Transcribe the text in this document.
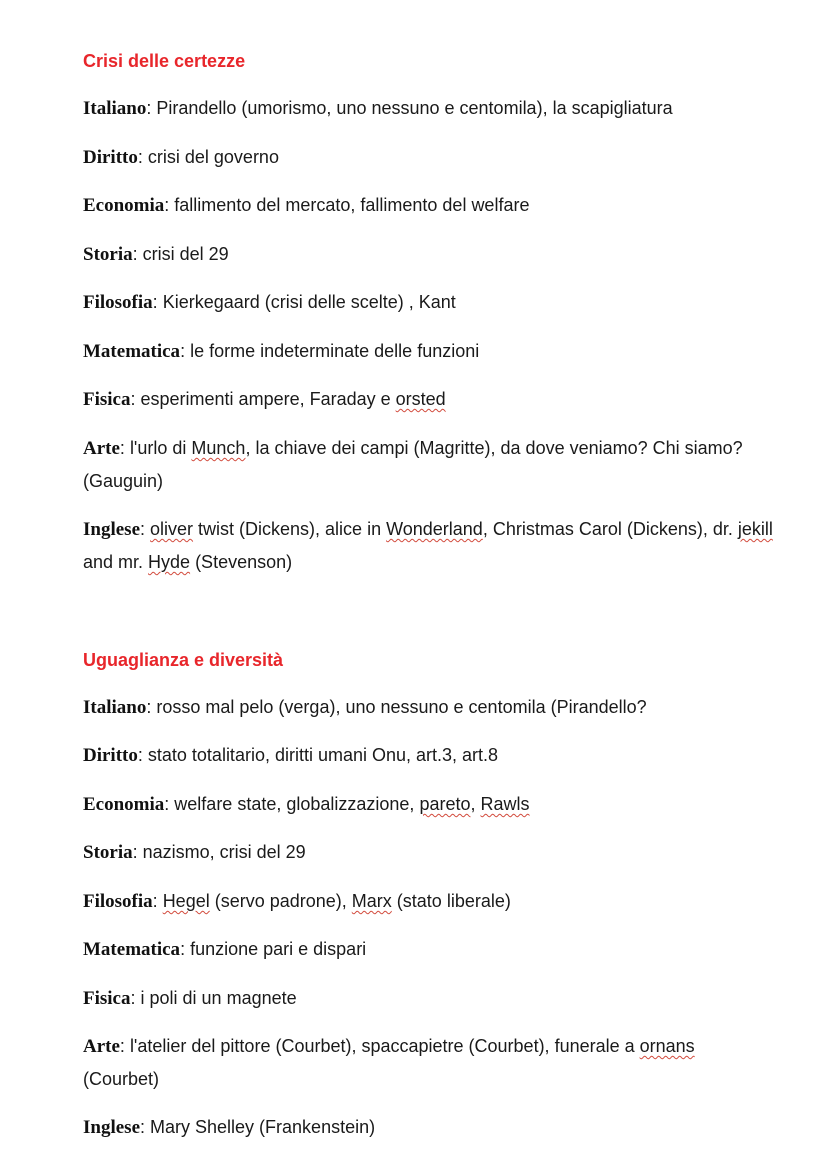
Crisi delle certezze

Italiano: Pirandello (umorismo, uno nessuno e centomila), la scapigliatura

Diritto: crisi del governo

Economia: fallimento del mercato, fallimento del welfare

Storia: crisi del 29

Filosofia: Kierkegaard (crisi delle scelte) , Kant

Matematica: le forme indeterminate delle funzioni

Fisica: esperimenti ampere, Faraday e orsted

Arte: l'urlo di Munch, la chiave dei campi (Magritte), da dove veniamo? Chi siamo? (Gauguin)

Inglese: oliver twist (Dickens), alice in Wonderland, Christmas Carol (Dickens), dr. jekill and mr. Hyde (Stevenson)

Uguaglianza e diversità

Italiano: rosso mal pelo (verga), uno nessuno e centomila (Pirandello?

Diritto: stato totalitario, diritti umani Onu, art.3, art.8

Economia: welfare state, globalizzazione, pareto, Rawls

Storia: nazismo, crisi del 29

Filosofia: Hegel (servo padrone), Marx (stato liberale)

Matematica: funzione pari e dispari

Fisica: i poli di un magnete

Arte: l'atelier del pittore (Courbet), spaccapietre (Courbet), funerale a ornans (Courbet)

Inglese: Mary Shelley (Frankenstein)
